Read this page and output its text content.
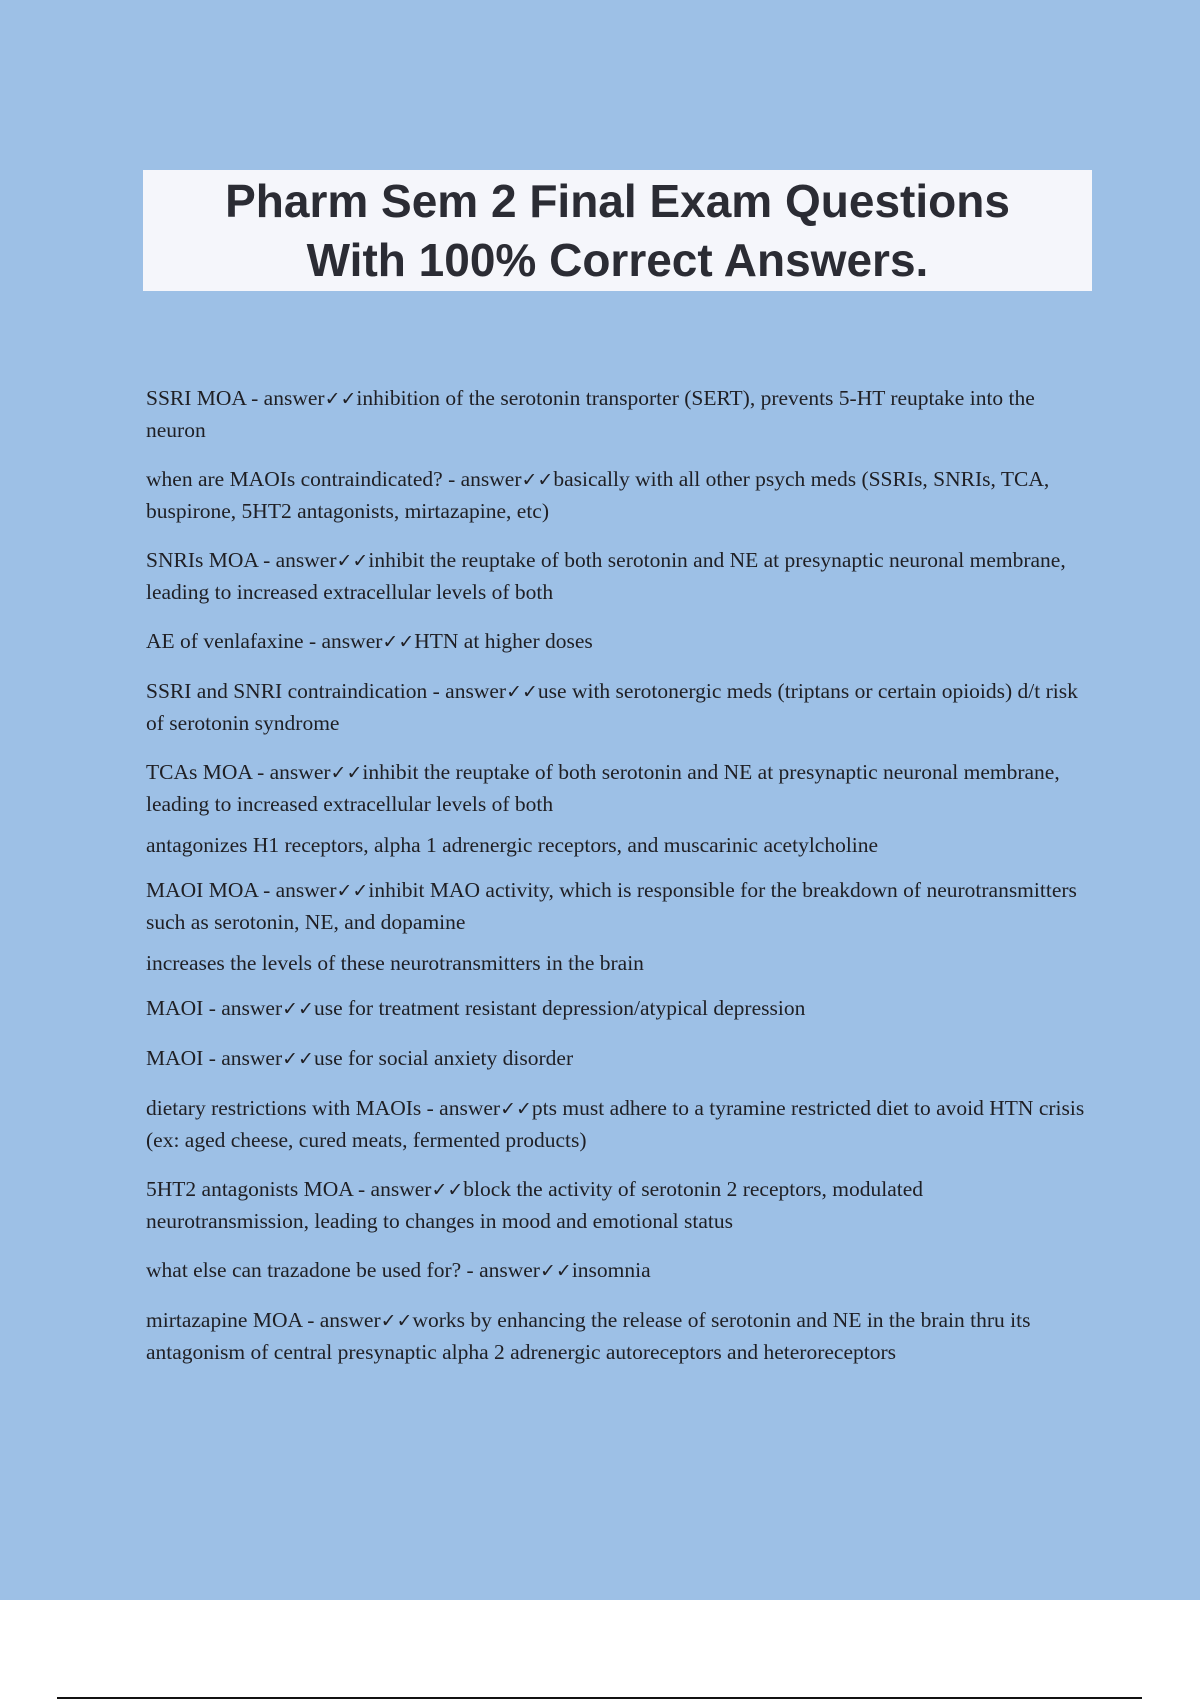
Pharm Sem 2 Final Exam Questions
With 100% Correct Answers.

SSRI MOA - answer✓✓inhibition of the serotonin transporter (SERT), prevents 5-HT reuptake into the neuron

when are MAOIs contraindicated? - answer✓✓basically with all other psych meds (SSRIs, SNRIs, TCA, buspirone, 5HT2 antagonists, mirtazapine, etc)

SNRIs MOA - answer✓✓inhibit the reuptake of both serotonin and NE at presynaptic neuronal membrane, leading to increased extracellular levels of both

AE of venlafaxine - answer✓✓HTN at higher doses

SSRI and SNRI contraindication - answer✓✓use with serotonergic meds (triptans or certain opioids) d/t risk of serotonin syndrome

TCAs MOA - answer✓✓inhibit the reuptake of both serotonin and NE at presynaptic neuronal membrane, leading to increased extracellular levels of both

antagonizes H1 receptors, alpha 1 adrenergic receptors, and muscarinic acetylcholine

MAOI MOA - answer✓✓inhibit MAO activity, which is responsible for the breakdown of neurotransmitters such as serotonin, NE, and dopamine

increases the levels of these neurotransmitters in the brain

MAOI - answer✓✓use for treatment resistant depression/atypical depression

MAOI - answer✓✓use for social anxiety disorder

dietary restrictions with MAOIs - answer✓✓pts must adhere to a tyramine restricted diet to avoid HTN crisis (ex: aged cheese, cured meats, fermented products)

5HT2 antagonists MOA - answer✓✓block the activity of serotonin 2 receptors, modulated neurotransmission, leading to changes in mood and emotional status

what else can trazadone be used for? - answer✓✓insomnia

mirtazapine MOA - answer✓✓works by enhancing the release of serotonin and NE in the brain thru its antagonism of central presynaptic alpha 2 adrenergic autoreceptors and heteroreceptors
